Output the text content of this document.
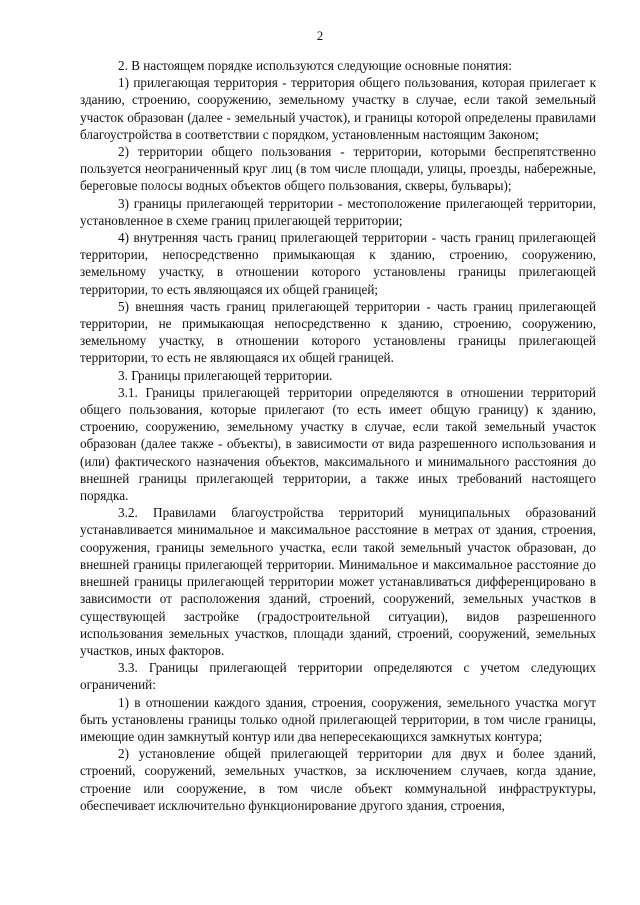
2

2. В настоящем порядке используются следующие основные понятия:

1) прилегающая территория - территория общего пользования, которая прилегает к зданию, строению, сооружению, земельному участку в случае, если такой земельный участок образован (далее - земельный участок), и границы которой определены правилами благоустройства в соответствии с порядком, установленным настоящим Законом;

2) территории общего пользования - территории, которыми беспрепятственно пользуется неограниченный круг лиц (в том числе площади, улицы, проезды, набережные, береговые полосы водных объектов общего пользования, скверы, бульвары);

3) границы прилегающей территории - местоположение прилегающей территории, установленное в схеме границ прилегающей территории;

4) внутренняя часть границ прилегающей территории - часть границ прилегающей территории, непосредственно примыкающая к зданию, строению, сооружению, земельному участку, в отношении которого установлены границы прилегающей территории, то есть являющаяся их общей границей;

5) внешняя часть границ прилегающей территории - часть границ прилегающей территории, не примыкающая непосредственно к зданию, строению, сооружению, земельному участку, в отношении которого установлены границы прилегающей территории, то есть не являющаяся их общей границей.

3. Границы прилегающей территории.

3.1. Границы прилегающей территории определяются в отношении территорий общего пользования, которые прилегают (то есть имеет общую границу) к зданию, строению, сооружению, земельному участку в случае, если такой земельный участок образован (далее также - объекты), в зависимости от вида разрешенного использования и (или) фактического назначения объектов, максимального и минимального расстояния до внешней границы прилегающей территории, а также иных требований настоящего порядка.

3.2. Правилами благоустройства территорий муниципальных образований устанавливается минимальное и максимальное расстояние в метрах от здания, строения, сооружения, границы земельного участка, если такой земельный участок образован, до внешней границы прилегающей территории. Минимальное и максимальное расстояние до внешней границы прилегающей территории может устанавливаться дифференцировано в зависимости от расположения зданий, строений, сооружений, земельных участков в существующей застройке (градостроительной ситуации), видов разрешенного использования земельных участков, площади зданий, строений, сооружений, земельных участков, иных факторов.

3.3. Границы прилегающей территории определяются с учетом следующих ограничений:

1) в отношении каждого здания, строения, сооружения, земельного участка могут быть установлены границы только одной прилегающей территории, в том числе границы, имеющие один замкнутый контур или два непересекающихся замкнутых контура;

2) установление общей прилегающей территории для двух и более зданий, строений, сооружений, земельных участков, за исключением случаев, когда здание, строение или сооружение, в том числе объект коммунальной инфраструктуры, обеспечивает исключительно функционирование другого здания, строения,
